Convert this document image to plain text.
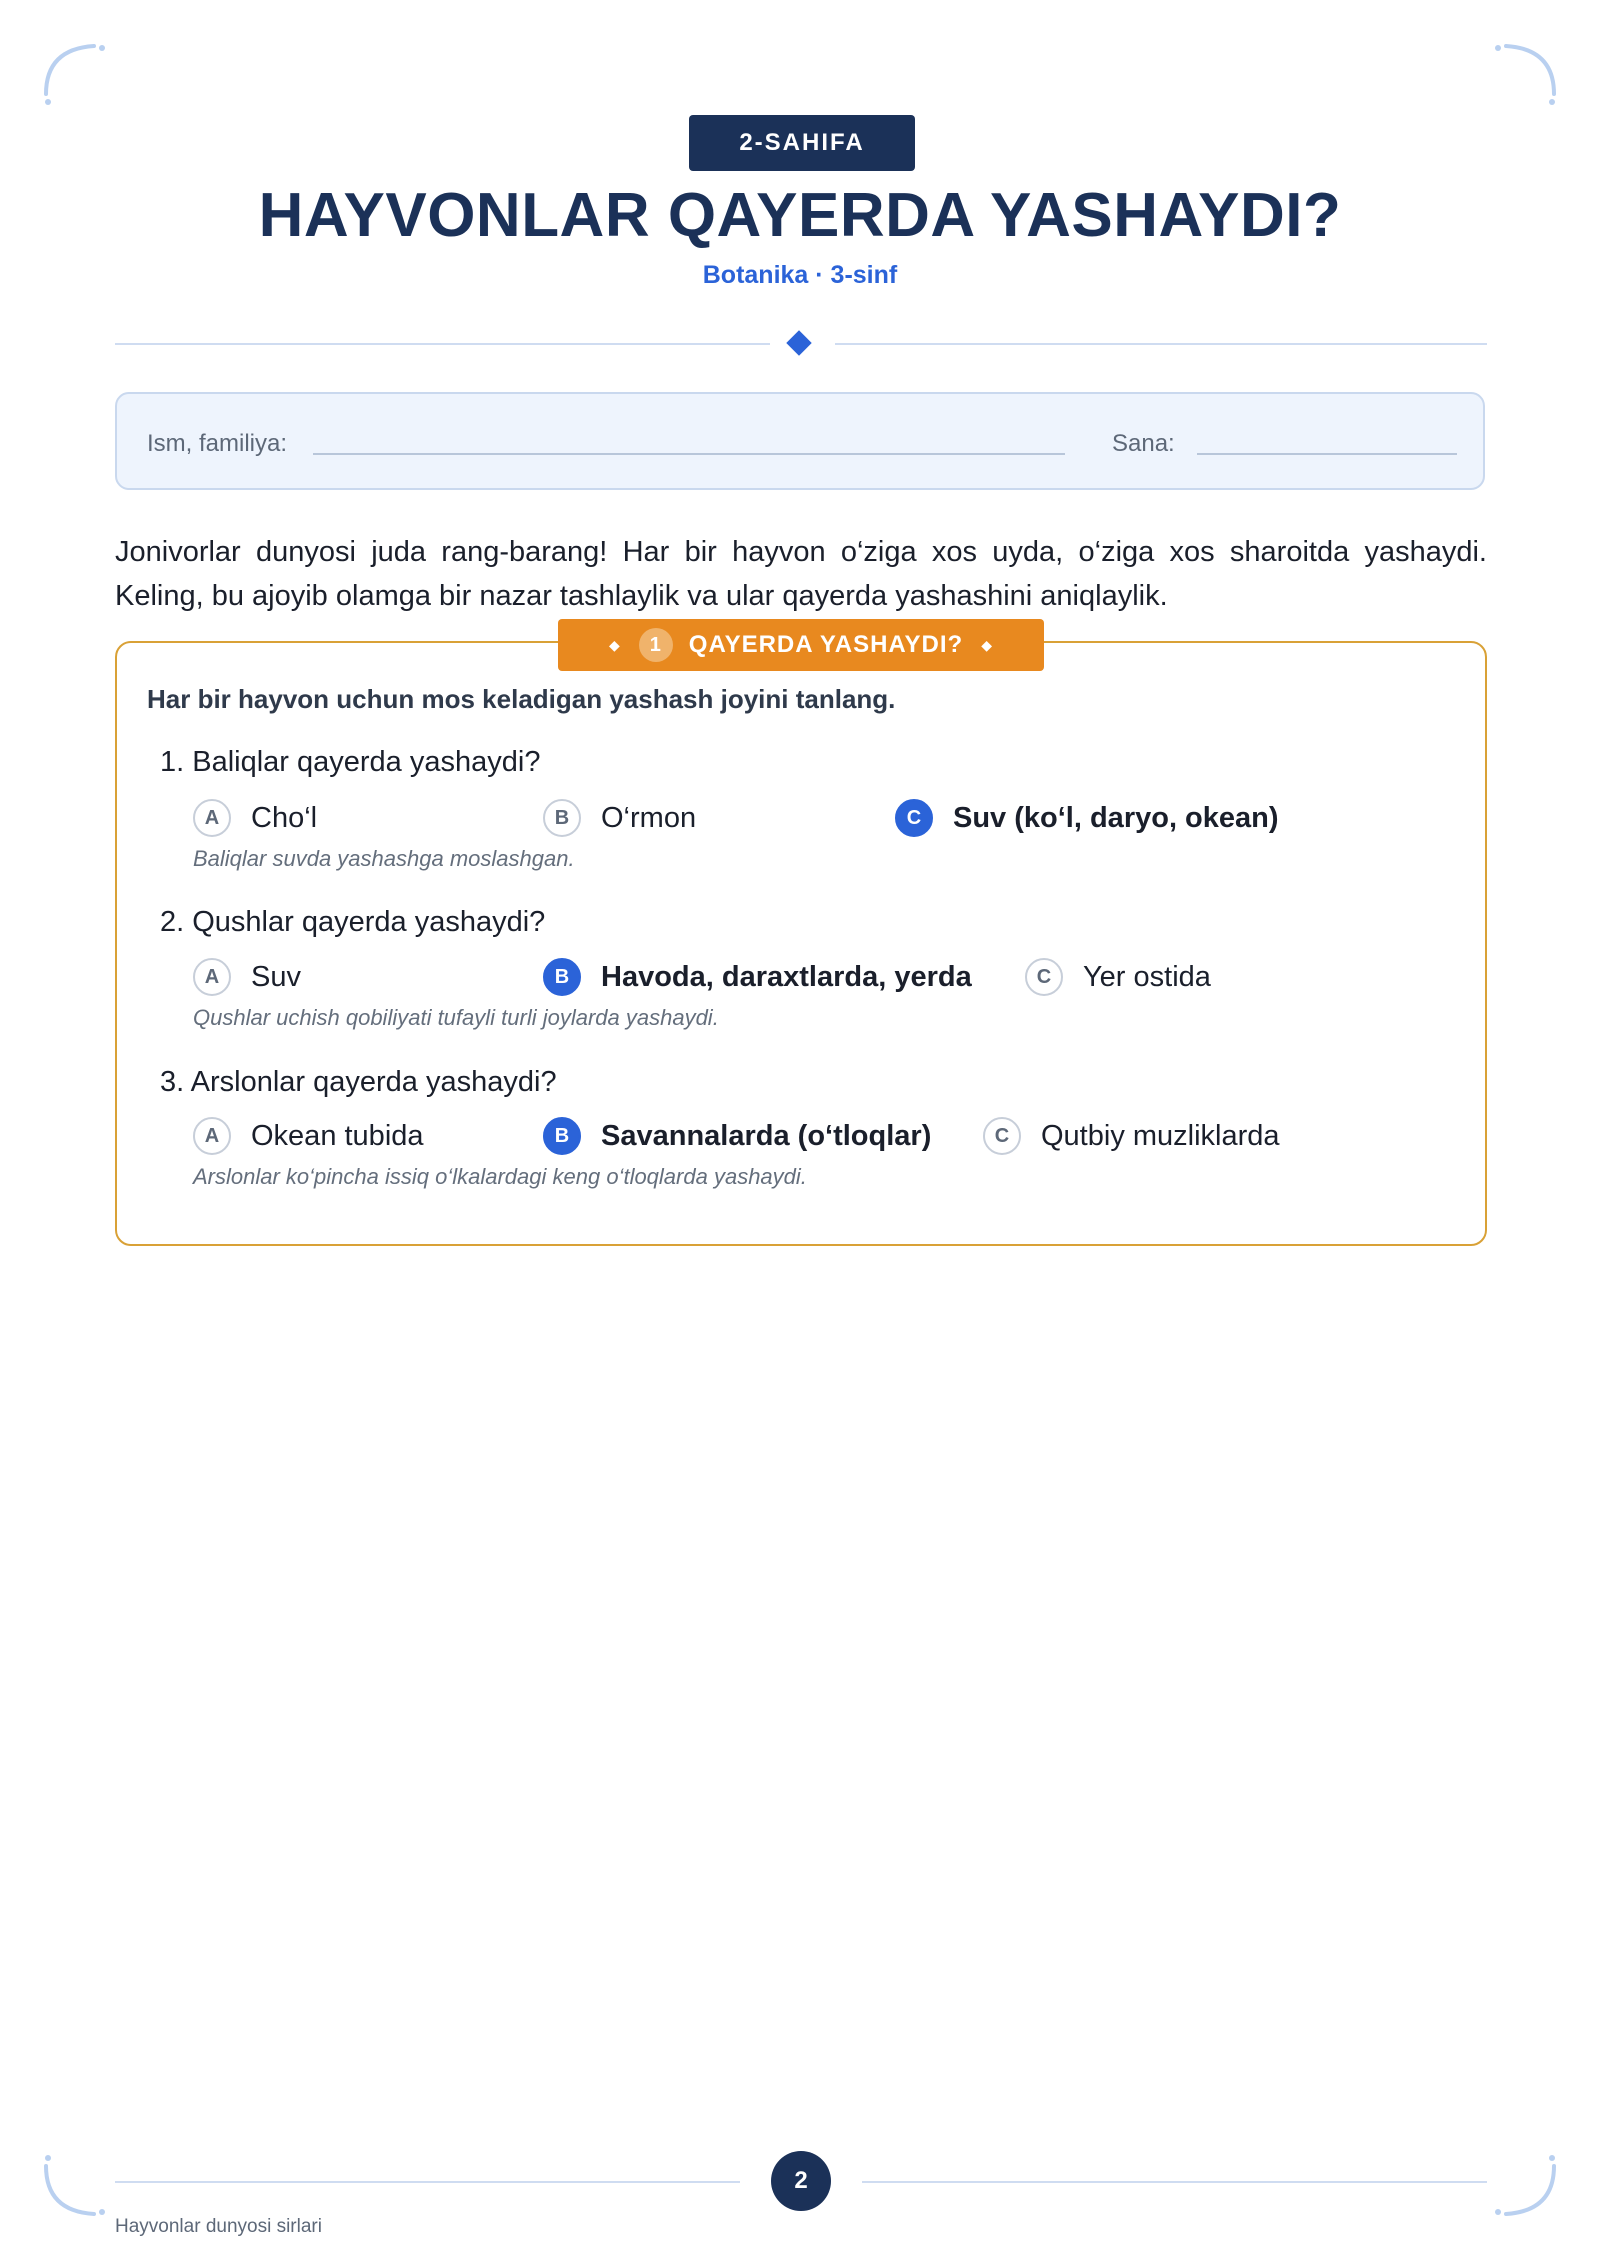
2-SAHIFA
HAYVONLAR QAYERDA YASHAYDI?
Botanika · 3-sinf
Ism, familiya:	Sana:
Jonivorlar dunyosi juda rang-barang! Har bir hayvon o‘ziga xos uyda, o‘ziga xos sharoitda yashaydi. Keling, bu ajoyib olamga bir nazar tashlaylik va ular qayerda yashashini aniqlaylik.
◆	1	QAYERDA YASHAYDI? ◆
Har bir hayvon uchun mos keladigan yashash joyini tanlang.
1. Baliqlar qayerda yashaydi?
A	Cho‘l	B	O‘rmon	C	Suv (ko‘l, daryo, okean)
Baliqlar suvda yashashga moslashgan.
2. Qushlar qayerda yashaydi?
A	Suv	B	Havoda, daraxtlarda, yerda	C	Yer ostida
Qushlar uchish qobiliyati tufayli turli joylarda yashaydi.
3. Arslonlar qayerda yashaydi?
A	Okean tubida	B	Savannalarda (o‘tloqlar)	C	Qutbiy muzliklarda
Arslonlar ko‘pincha issiq o‘lkalardagi keng o‘tloqlarda yashaydi.
2
Hayvonlar dunyosi sirlari
